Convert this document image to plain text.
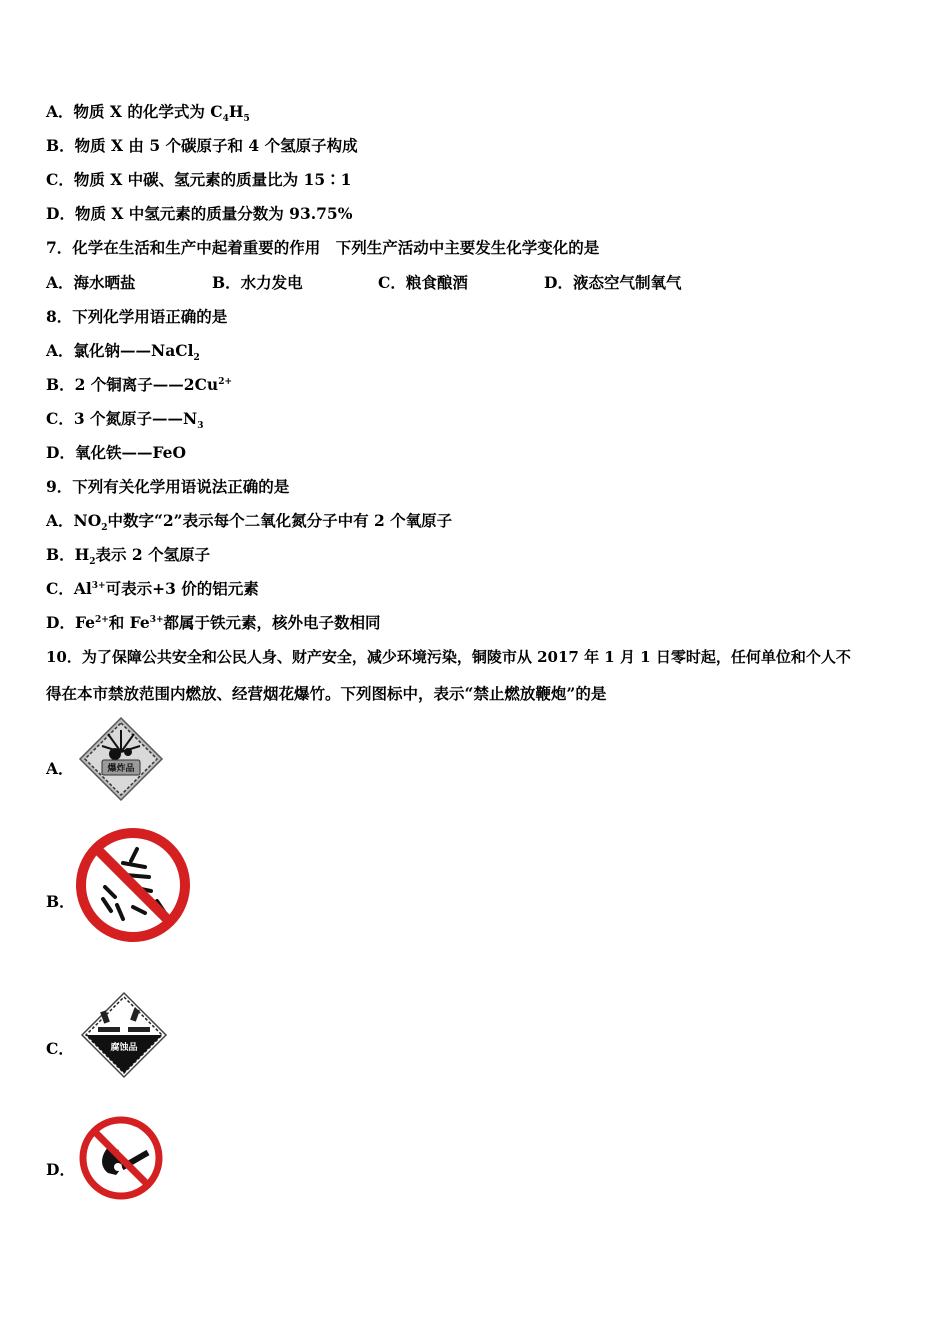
A．物质 X 的化学式为 $C_4H_5$
B．物质 X 由 5 个碳原子和 4 个氢原子构成
C．物质 X 中碳、氢元素的质量比为 15∶1
D．物质 X 中氢元素的质量分数为 93.75%
7．化学在生活和生产中起着重要的作用　下列生产活动中主要发生化学变化的是
A．海水晒盐	B．水力发电	C．粮食酿酒	D．液态空气制氧气
8．下列化学用语正确的是
A．氯化钠——NaCl$_2$
B．2 个铜离子$——2Cu^{2+}$
C．3 个氮原子$——N_3$
D．氧化铁——FeO
9．下列有关化学用语说法正确的是
A．$NO_2$中数字“2”表示每个二氧化氮分子中有 2 个氧原子
B．$H_2$表示 2 个氢原子
C．$Al^{3+}$可表示+3 价的铝元素
D．$Fe^{2+}$和 $Fe^{3+}$都属于铁元素，核外电子数相同
10．为了保障公共安全和公民人身、财产安全，减少环境污染，铜陵市从 2017 年 1 月 1 日零时起，任何单位和个人不
得在本市禁放范围内燃放、经营烟花爆竹。下列图标中，表示“禁止燃放鞭炮”的是
A．	爆炸品
B．
C．	腐蚀品
D．
